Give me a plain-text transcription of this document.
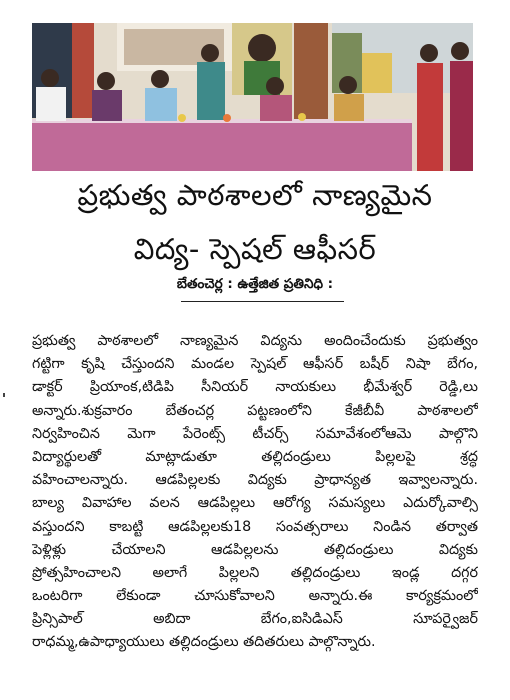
ప్రభుత్వ పాఠశాలలో నాణ్యమైన
విద్య- స్పెషల్ ఆఫీసర్
బేతంచెర్ల : ఉత్తేజిత ప్రతినిధి :
ప్రభుత్వ పాఠశాలలో నాణ్యమైన విద్యను అందించేందుకు ప్రభుత్వం
గట్టిగా కృషి చేస్తుందని మండల స్పెషల్ ఆఫీసర్ బషీర్ నిషా బేగం,
డాక్టర్ ప్రియాంక,టిడిపి సీనియర్ నాయకులు భీమేశ్వర్ రెడ్డి,లు
అన్నారు.శుక్రవారం బేతంచర్ల పట్టణంలోని కేజీబీవీ పాఠశాలలో
నిర్వహించిన మెగా పేరెంట్స్ టీచర్స్ సమావేశంలోఆమె పాల్గొని
విద్యార్థులతో మాట్లాడుతూ తల్లిదండ్రులు పిల్లలపై శ్రద్ధ
వహించాలన్నారు. ఆడపిల్లలకు విద్యకు ప్రాధాన్యత ఇవ్వాలన్నారు.
బాల్య వివాహాల వలన ఆడపిల్లలు ఆరోగ్య సమస్యలు ఎదుర్కోవాల్సి
వస్తుందని కాబట్టి ఆడపిల్లలకు18 సంవత్సరాలు నిండిన తర్వాత
పెళ్లిళ్లు చేయాలని ఆడపిల్లలను తల్లిదండ్రులు విద్యకు
ప్రోత్సహించాలని అలాగే పిల్లలని తల్లిదండ్రులు ఇండ్ల దగ్గర
ఒంటరిగా లేకుండా చూసుకోవాలని అన్నారు.ఈ కార్యక్రమంలో
ప్రిన్సిపాల్ అబిదా బేగం,ఐసిడిఎస్ సూపర్వైజర్
రాధమ్మ,ఉపాధ్యాయులు తల్లిదండ్రులు తదితరులు పాల్గొన్నారు.
